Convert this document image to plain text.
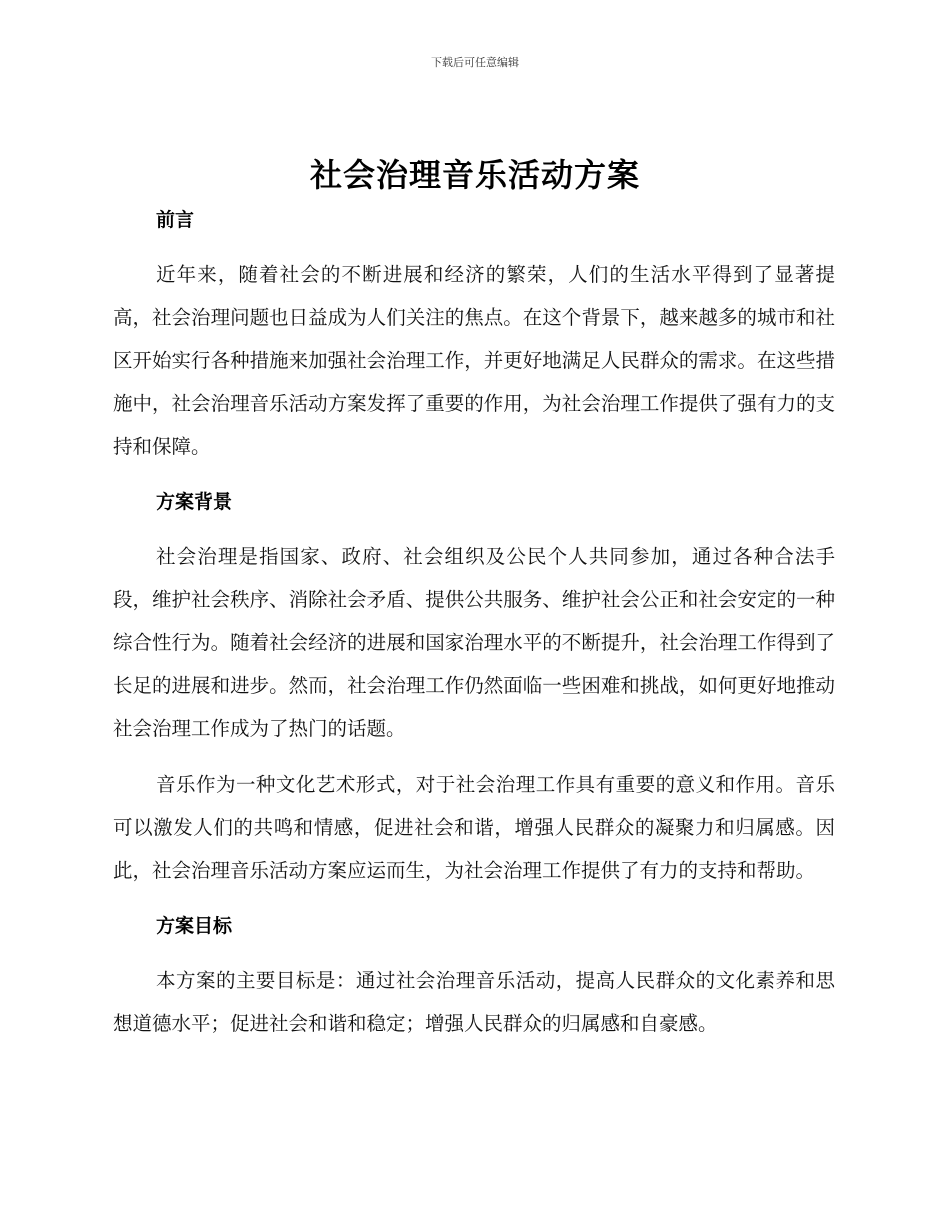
下载后可任意编辑
社会治理音乐活动方案
前言

近年来，随着社会的不断进展和经济的繁荣，人们的生活水平得到了显著提高，社会治理问题也日益成为人们关注的焦点。在这个背景下，越来越多的城市和社区开始实行各种措施来加强社会治理工作，并更好地满足人民群众的需求。在这些措施中，社会治理音乐活动方案发挥了重要的作用，为社会治理工作提供了强有力的支持和保障。

方案背景

社会治理是指国家、政府、社会组织及公民个人共同参加，通过各种合法手段，维护社会秩序、消除社会矛盾、提供公共服务、维护社会公正和社会安定的一种综合性行为。随着社会经济的进展和国家治理水平的不断提升，社会治理工作得到了长足的进展和进步。然而，社会治理工作仍然面临一些困难和挑战，如何更好地推动社会治理工作成为了热门的话题。

音乐作为一种文化艺术形式，对于社会治理工作具有重要的意义和作用。音乐可以激发人们的共鸣和情感，促进社会和谐，增强人民群众的凝聚力和归属感。因此，社会治理音乐活动方案应运而生，为社会治理工作提供了有力的支持和帮助。

方案目标

本方案的主要目标是：通过社会治理音乐活动，提高人民群众的文化素养和思想道德水平；促进社会和谐和稳定；增强人民群众的归属感和自豪感。
